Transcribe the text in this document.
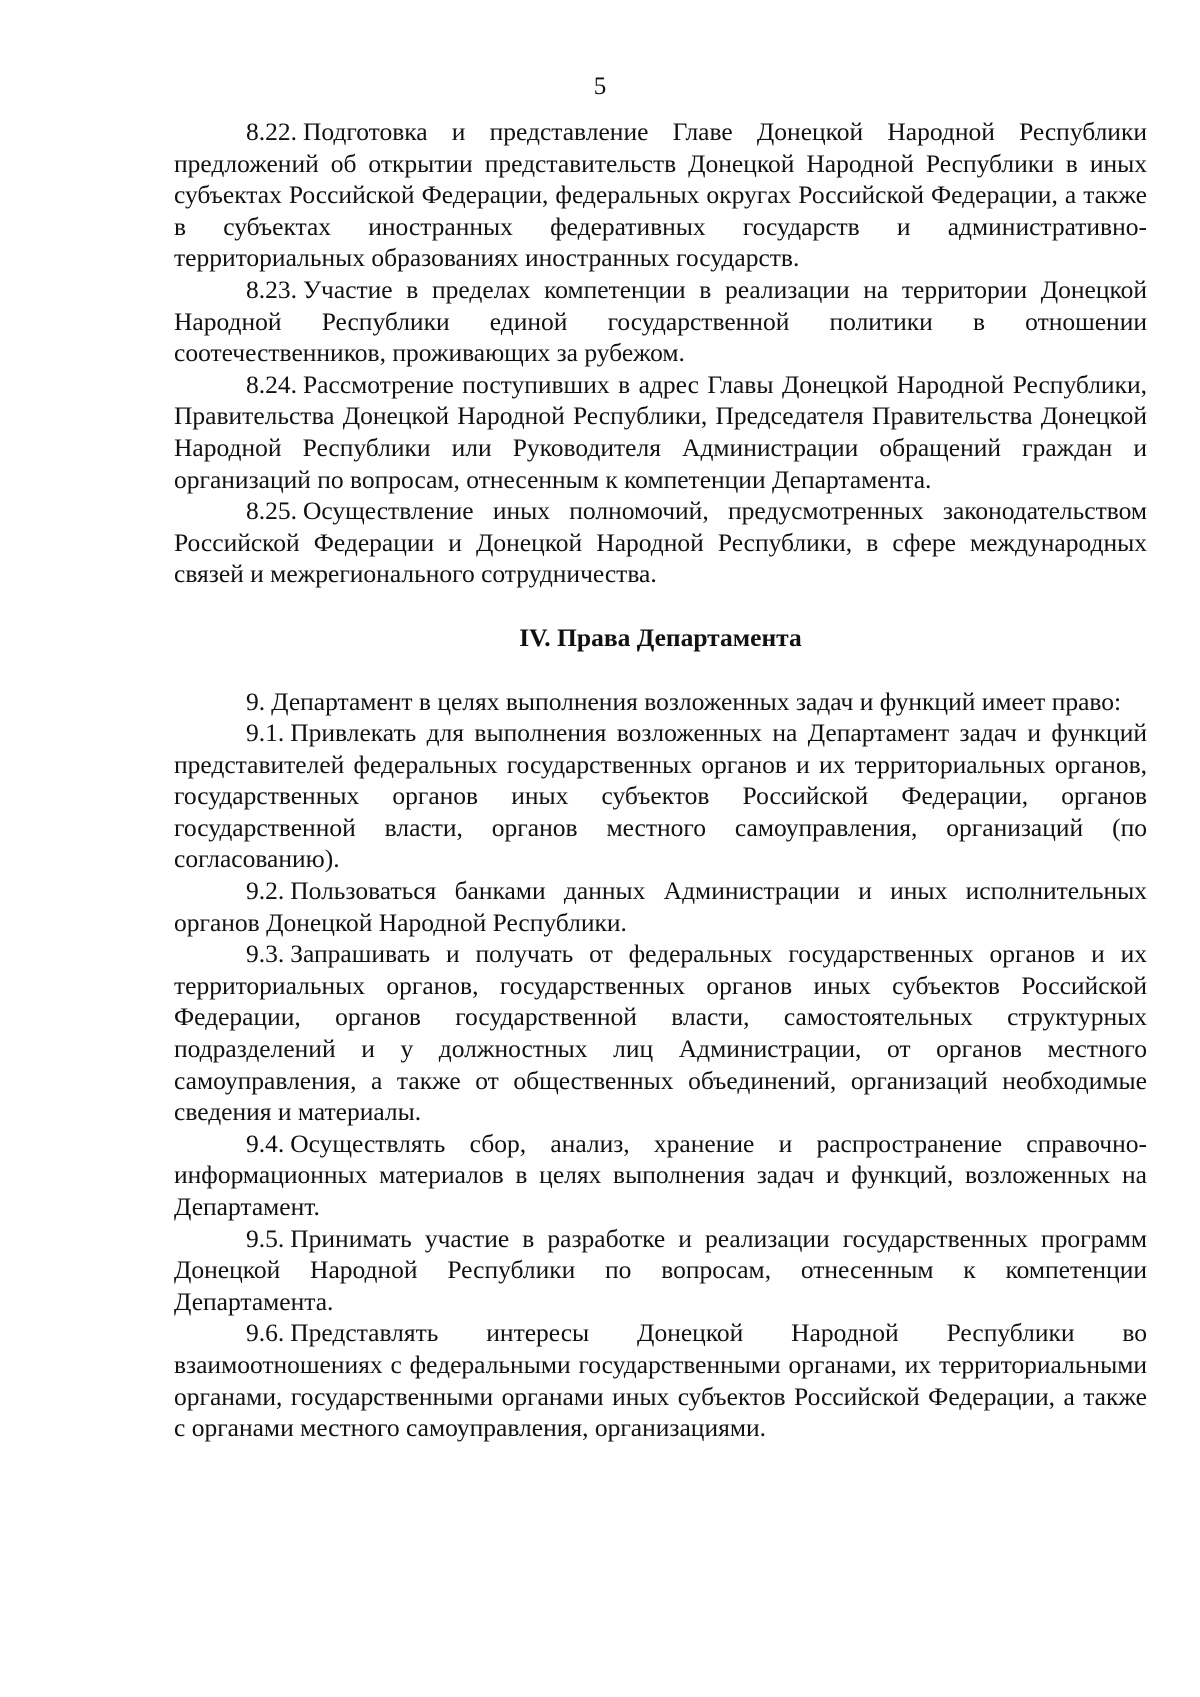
5

8.22. Подготовка и представление Главе Донецкой Народной Республики предложений об открытии представительств Донецкой Народной Республики в иных субъектах Российской Федерации, федеральных округах Российской Федерации, а также в субъектах иностранных федеративных государств и административно-территориальных образованиях иностранных государств.

8.23. Участие в пределах компетенции в реализации на территории Донецкой Народной Республики единой государственной политики в отношении соотечественников, проживающих за рубежом.

8.24. Рассмотрение поступивших в адрес Главы Донецкой Народной Республики, Правительства Донецкой Народной Республики, Председателя Правительства Донецкой Народной Республики или Руководителя Администрации обращений граждан и организаций по вопросам, отнесенным к компетенции Департамента.

8.25. Осуществление иных полномочий, предусмотренных законодательством Российской Федерации и Донецкой Народной Республики, в сфере международных связей и межрегионального сотрудничества.

IV. Права Департамента

9. Департамент в целях выполнения возложенных задач и функций имеет право:

9.1. Привлекать для выполнения возложенных на Департамент задач и функций представителей федеральных государственных органов и их территориальных органов, государственных органов иных субъектов Российской Федерации, органов государственной власти, органов местного самоуправления, организаций (по согласованию).

9.2. Пользоваться банками данных Администрации и иных исполнительных органов Донецкой Народной Республики.

9.3. Запрашивать и получать от федеральных государственных органов и их территориальных органов, государственных органов иных субъектов Российской Федерации, органов государственной власти, самостоятельных структурных подразделений и у должностных лиц Администрации, от органов местного самоуправления, а также от общественных объединений, организаций необходимые сведения и материалы.

9.4. Осуществлять сбор, анализ, хранение и распространение справочно-информационных материалов в целях выполнения задач и функций, возложенных на Департамент.

9.5. Принимать участие в разработке и реализации государственных программ Донецкой Народной Республики по вопросам, отнесенным к компетенции Департамента.

9.6. Представлять интересы Донецкой Народной Республики во взаимоотношениях с федеральными государственными органами, их территориальными органами, государственными органами иных субъектов Российской Федерации, а также с органами местного самоуправления, организациями.
